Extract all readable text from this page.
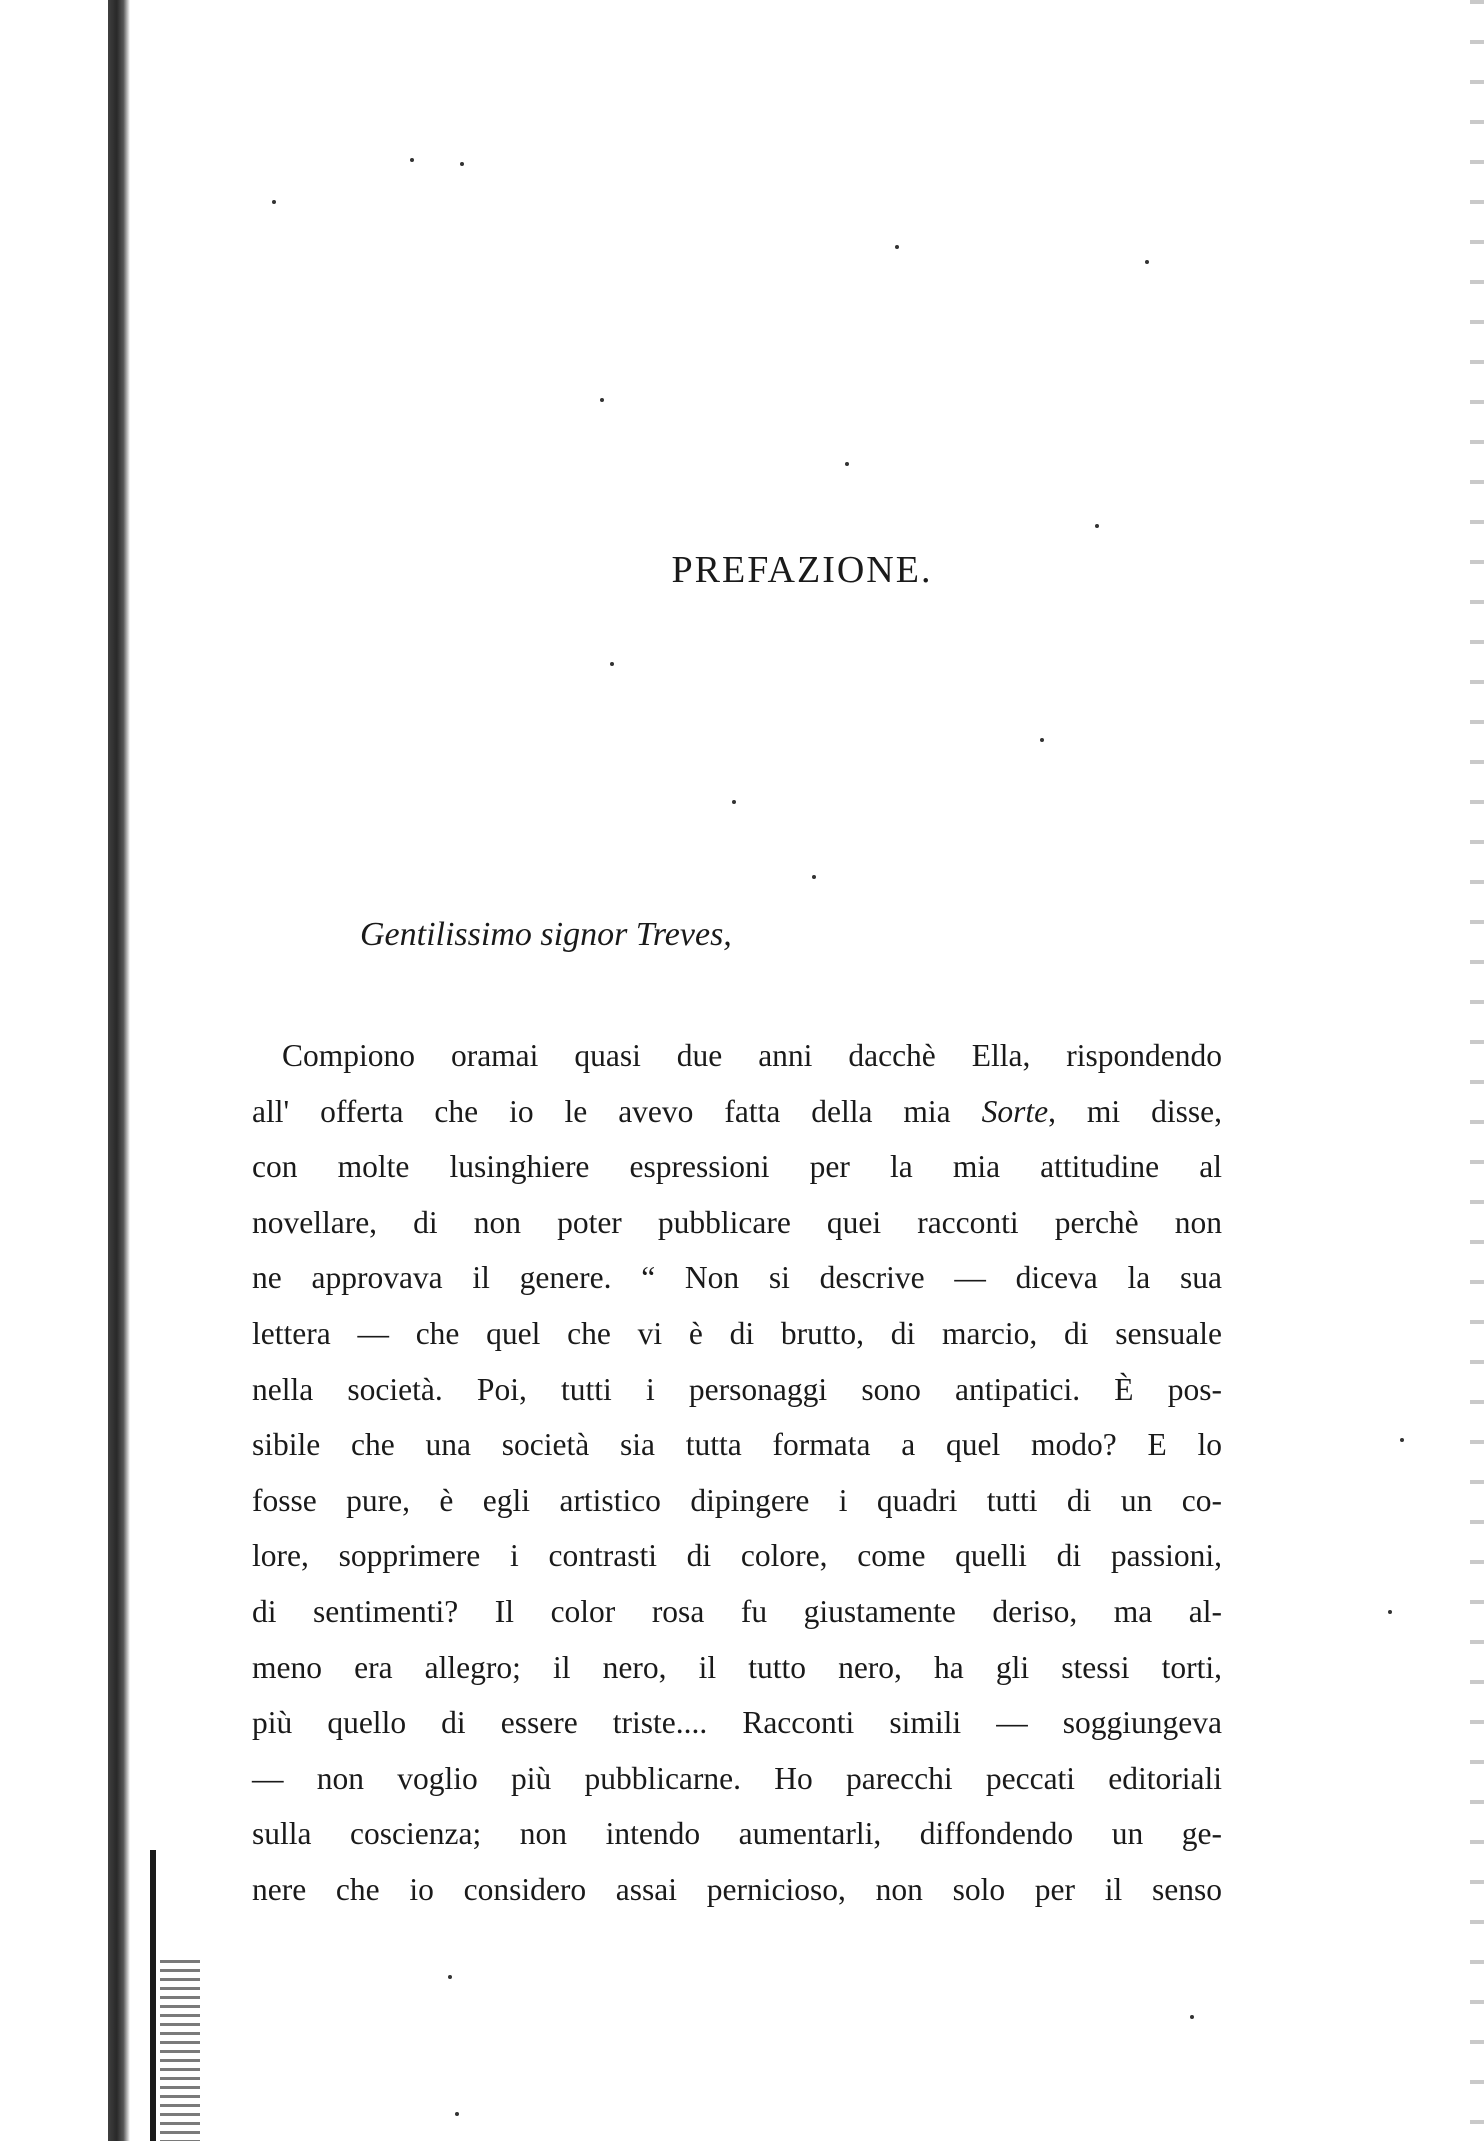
PREFAZIONE.
Gentilissimo signor Treves,
Compiono oramai quasi due anni dacchè Ella, rispondendo
all' offerta che io le avevo fatta della mia Sorte, mi disse,
con molte lusinghiere espressioni per la mia attitudine al
novellare, di non poter pubblicare quei racconti perchè non
ne approvava il genere. “ Non si descrive — diceva la sua
lettera — che quel che vi è di brutto, di marcio, di sensuale
nella società. Poi, tutti i personaggi sono antipatici. È pos-
sibile che una società sia tutta formata a quel modo? E lo
fosse pure, è egli artistico dipingere i quadri tutti di un co-
lore, sopprimere i contrasti di colore, come quelli di passioni,
di sentimenti? Il color rosa fu giustamente deriso, ma al-
meno era allegro; il nero, il tutto nero, ha gli stessi torti,
più quello di essere triste.... Racconti simili — soggiungeva
— non voglio più pubblicarne. Ho parecchi peccati editoriali
sulla coscienza; non intendo aumentarli, diffondendo un ge-
nere che io considero assai pernicioso, non solo per il senso
